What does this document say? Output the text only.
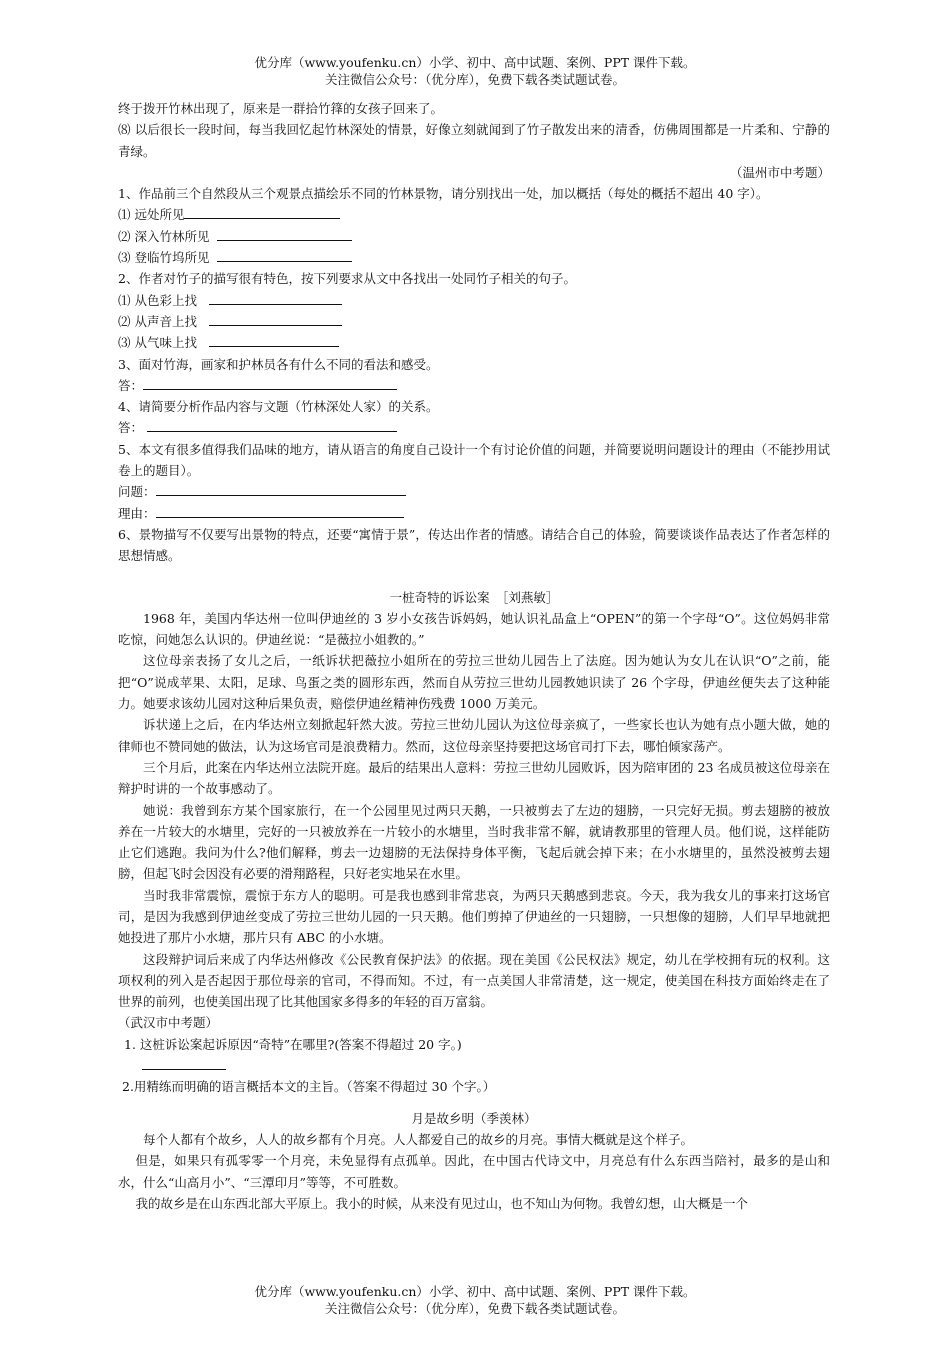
优分库（www.youfenku.cn）小学、初中、高中试题、案例、PPT 课件下载。
关注微信公众号：（优分库），免费下载各类试题试卷。

终于拨开竹林出现了，原来是一群拾竹箨的女孩子回来了。

⑻ 以后很长一段时间，每当我回忆起竹林深处的情景，好像立刻就闻到了竹子散发出来的清香，仿佛周围都是一片柔和、宁静的青绿。

（温州市中考题）

1、作品前三个自然段从三个观景点描绘乐不同的竹林景物，请分别找出一处，加以概括（每处的概括不超出 40 字）。

⑴ 远处所见

⑵ 深入竹林所见

⑶ 登临竹坞所见

2、作者对竹子的描写很有特色，按下列要求从文中各找出一处同竹子相关的句子。

⑴ 从色彩上找

⑵ 从声音上找

⑶ 从气味上找

3、面对竹海，画家和护林员各有什么不同的看法和感受。

答：

4、请简要分析作品内容与文题（竹林深处人家）的关系。

答：

5、本文有很多值得我们品味的地方，请从语言的角度自己设计一个有讨论价值的问题，并简要说明问题设计的理由（不能抄用试卷上的题目）。

问题：

理由：

6、景物描写不仅要写出景物的特点，还要“寓情于景”，传达出作者的情感。请结合自己的体验，简要谈谈作品表达了作者怎样的思想情感。

一桩奇特的诉讼案　［刘燕敏］

1968 年，美国内华达州一位叫伊迪丝的 3 岁小女孩告诉妈妈，她认识礼品盒上“OPEN”的第一个字母“O”。这位妈妈非常吃惊，问她怎么认识的。伊迪丝说：“是薇拉小姐教的。”

这位母亲表扬了女儿之后，一纸诉状把薇拉小姐所在的劳拉三世幼儿园告上了法庭。因为她认为女儿在认识“O”之前，能把“O”说成苹果、太阳，足球、鸟蛋之类的圆形东西，然而自从劳拉三世幼儿园教她识读了 26 个字母，伊迪丝便失去了这种能力。她要求该幼儿园对这种后果负责，赔偿伊迪丝精神伤残费 1000 万美元。

诉状递上之后，在内华达州立刻掀起轩然大波。劳拉三世幼儿园认为这位母亲疯了，一些家长也认为她有点小题大做，她的律师也不赞同她的做法，认为这场官司是浪费精力。然而，这位母亲坚持要把这场官司打下去，哪怕倾家荡产。

三个月后，此案在内华达州立法院开庭。最后的结果出人意料：劳拉三世幼儿园败诉，因为陪审团的 23 名成员被这位母亲在辩护时讲的一个故事感动了。

她说：我曾到东方某个国家旅行，在一个公园里见过两只天鹅，一只被剪去了左边的翅膀，一只完好无损。剪去翅膀的被放养在一片较大的水塘里，完好的一只被放养在一片较小的水塘里，当时我非常不解，就请教那里的管理人员。他们说，这样能防止它们逃跑。我问为什么?他们解释，剪去一边翅膀的无法保持身体平衡，飞起后就会掉下来；在小水塘里的，虽然没被剪去翅膀，但起飞时会因没有必要的滑翔路程，只好老实地呆在水里。

当时我非常震惊，震惊于东方人的聪明。可是我也感到非常悲哀，为两只天鹅感到悲哀。今天，我为我女儿的事来打这场官司，是因为我感到伊迪丝变成了劳拉三世幼儿园的一只天鹅。他们剪掉了伊迪丝的一只翅膀，一只想像的翅膀，人们早早地就把她投进了那片小水塘，那片只有 ABC 的小水塘。

这段辩护词后来成了内华达州修改《公民教育保护法》的依据。现在美国《公民权法》规定，幼儿在学校拥有玩的权利。这项权利的列入是否起因于那位母亲的官司，不得而知。不过，有一点美国人非常清楚，这一规定，使美国在科技方面始终走在了世界的前列，也使美国出现了比其他国家多得多的年轻的百万富翁。

（武汉市中考题）

1. 这桩诉讼案起诉原因“奇特”在哪里?(答案不得超过 20 字。)

2.用精练而明确的语言概括本文的主旨。（答案不得超过 30 个字。）

月是故乡明（季羡林）

每个人都有个故乡，人人的故乡都有个月亮。人人都爱自己的故乡的月亮。事情大概就是这个样子。

但是，如果只有孤零零一个月亮，未免显得有点孤单。因此，在中国古代诗文中，月亮总有什么东西当陪衬，最多的是山和水，什么“山高月小”、“三潭印月”等等，不可胜数。

我的故乡是在山东西北部大平原上。我小的时候，从来没有见过山，也不知山为何物。我曾幻想，山大概是一个

优分库（www.youfenku.cn）小学、初中、高中试题、案例、PPT 课件下载。
关注微信公众号：（优分库），免费下载各类试题试卷。
